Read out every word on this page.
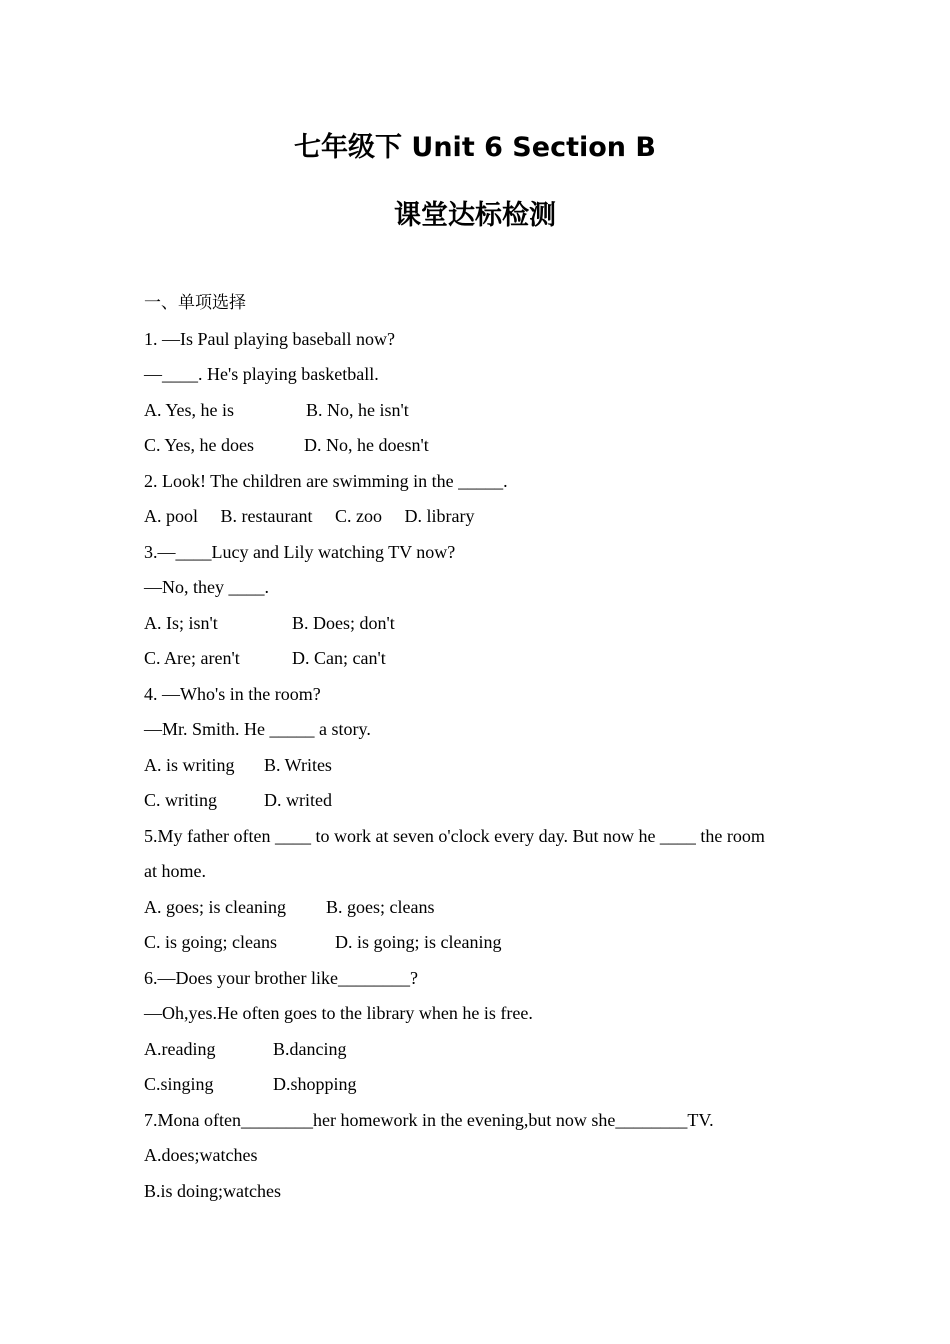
七年级下 Unit 6 Section B
课堂达标检测
一、单项选择
1. —Is Paul playing baseball now?
—____. He's playing basketball.
A. Yes, he is	B. No, he isn't
C. Yes, he does	D. No, he doesn't
2. Look! The children are swimming in the _____.
A. pool B. restaurant C. zoo D. library
3.—____Lucy and Lily watching TV now?
—No, they ____.
A. Is; isn't	B. Does; don't
C. Are; aren't	D. Can; can't
4. —Who's in the room?
—Mr. Smith. He _____ a story.
A. is writing B. Writes
C. writing	D. writed
5.My father often ____ to work at seven o'clock every day. But now he ____ the room
at home.
A. goes; is cleaning B. goes; cleans
C. is going; cleans	D. is going; is cleaning
6.—Does your brother like________?
—Oh,yes.He often goes to the library when he is free.
A.reading	B.dancing
C.singing	D.shopping
7.Mona often________her homework in the evening,but now she________TV.
A.does;watches
B.is doing;watches
